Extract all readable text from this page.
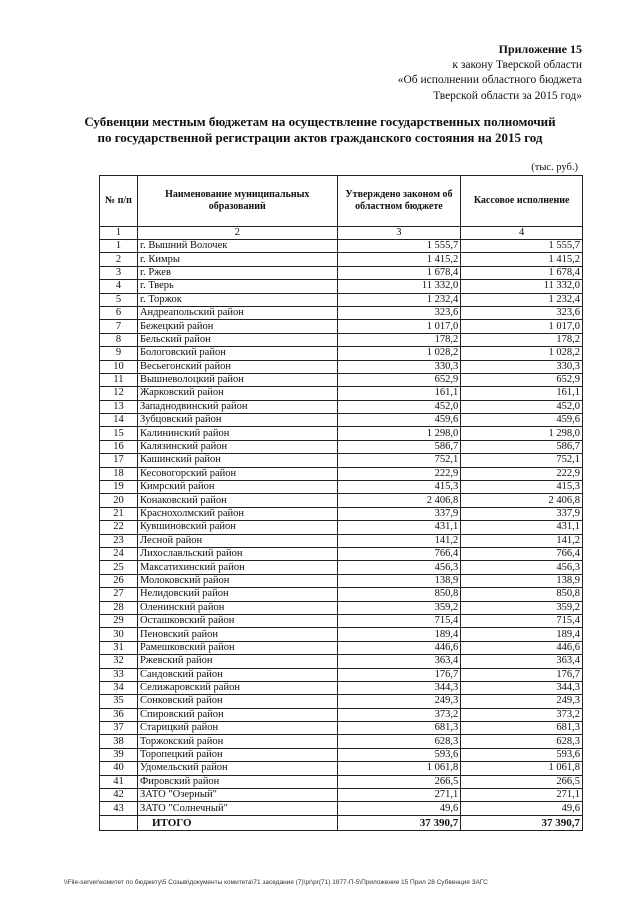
Приложение 15
к закону Тверской области
«Об исполнении областного бюджета
Тверской области за 2015 год»
Субвенции местным бюджетам на осуществление государственных полномочий
по государственной регистрации актов гражданского состояния на 2015 год
(тыс. руб.)
№ п/п	Наименование муниципальных образований	Утверждено законом об областном бюджете	Кассовое исполнение
1	2	3	4
1	г. Вышний Волочек	1 555,7	1 555,7
2	г. Кимры	1 415,2	1 415,2
3	г. Ржев	1 678,4	1 678,4
4	г. Тверь	11 332,0	11 332,0
5	г. Торжок	1 232,4	1 232,4
6	Андреапольский район	323,6	323,6
7	Бежецкий район	1 017,0	1 017,0
8	Бельский район	178,2	178,2
9	Бологовский район	1 028,2	1 028,2
10	Весьегонский район	330,3	330,3
11	Вышневолоцкий район	652,9	652,9
12	Жарковский район	161,1	161,1
13	Западнодвинский район	452,0	452,0
14	Зубцовский район	459,6	459,6
15	Калининский район	1 298,0	1 298,0
16	Калязинский район	586,7	586,7
17	Кашинский район	752,1	752,1
18	Кесовогорский район	222,9	222,9
19	Кимрский район	415,3	415,3
20	Конаковский район	2 406,8	2 406,8
21	Краснохолмский район	337,9	337,9
22	Кувшиновский район	431,1	431,1
23	Лесной район	141,2	141,2
24	Лихославльский район	766,4	766,4
25	Максатихинский район	456,3	456,3
26	Молоковский район	138,9	138,9
27	Нелидовский район	850,8	850,8
28	Оленинский район	359,2	359,2
29	Осташковский район	715,4	715,4
30	Пеновский район	189,4	189,4
31	Рамешковский район	446,6	446,6
32	Ржевский район	363,4	363,4
33	Сандовский район	176,7	176,7
34	Селижаровский район	344,3	344,3
35	Сонковский район	249,3	249,3
36	Спировский район	373,2	373,2
37	Старицкий район	681,3	681,3
38	Торжокский район	628,3	628,3
39	Торопецкий район	593,6	593,6
40	Удомельский район	1 061,8	1 061,8
41	Фировский район	266,5	266,5
42	ЗАТО "Озерный"	271,1	271,1
43	ЗАТО "Солнечный"	49,6	49,6
	ИТОГО	37 390,7	37 390,7
\\File-server\комитет по бюджету\5 Созыв\документы комитета\71 заседание (7)\pr\pr(71) 1877-П-5\Приложение 15 Прил 28 Субвенция ЗАГС
